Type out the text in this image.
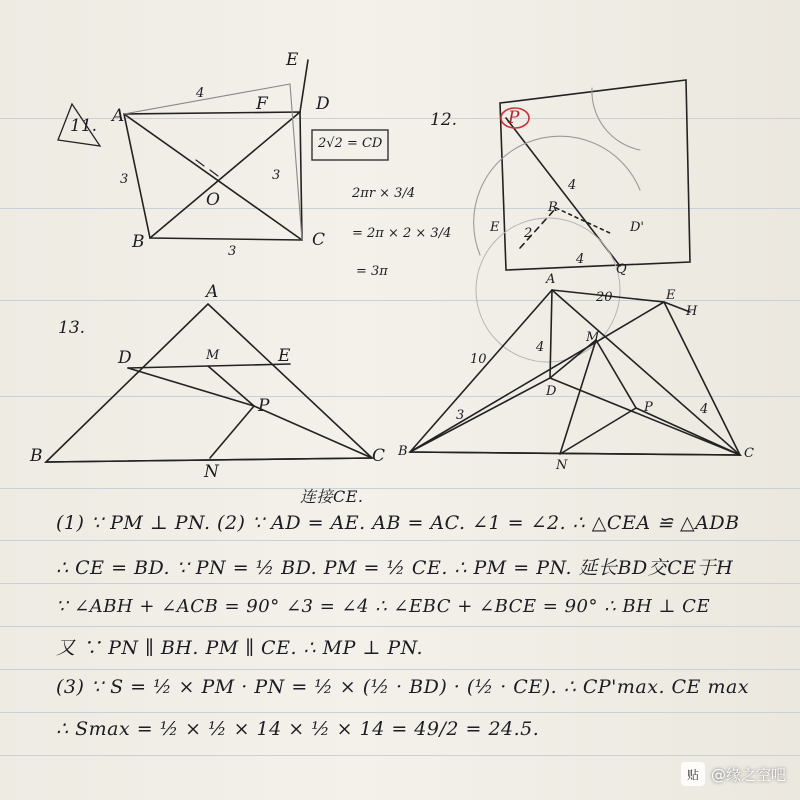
11. A
B	C
D
E
F
O
4
3
3
3
2√2 = CD
2πr × 3/4
= 2π × 2 × 3/4
= 3π
12.	P
R
Q
D'
E
4
2
4
13.
A
B	C
D	E
M
P
N
A
B	C
D
E
H
M
N
P
20
4
10
3	4
连接CE.
(1) ∵ PM ⊥ PN. (2) ∵ AD = AE. AB = AC. ∠1 = ∠2. ∴ △CEA ≌ △ADB
∴ CE = BD. ∵ PN = ½ BD. PM = ½ CE. ∴ PM = PN. 延长BD交CE于H
∵ ∠ABH + ∠ACB = 90° ∠3 = ∠4 ∴ ∠EBC + ∠BCE = 90° ∴ BH ⊥ CE
又 ∵ PN ∥ BH. PM ∥ CE. ∴ MP ⊥ PN.
(3) ∵ S = ½ × PM · PN = ½ × (½ · BD) · (½ · CE). ∴ CP'max. CE max
∴ Smax = ½ × ½ × 14 × ½ × 14 = 49/2 = 24.5.
贴 @缘之空吧
